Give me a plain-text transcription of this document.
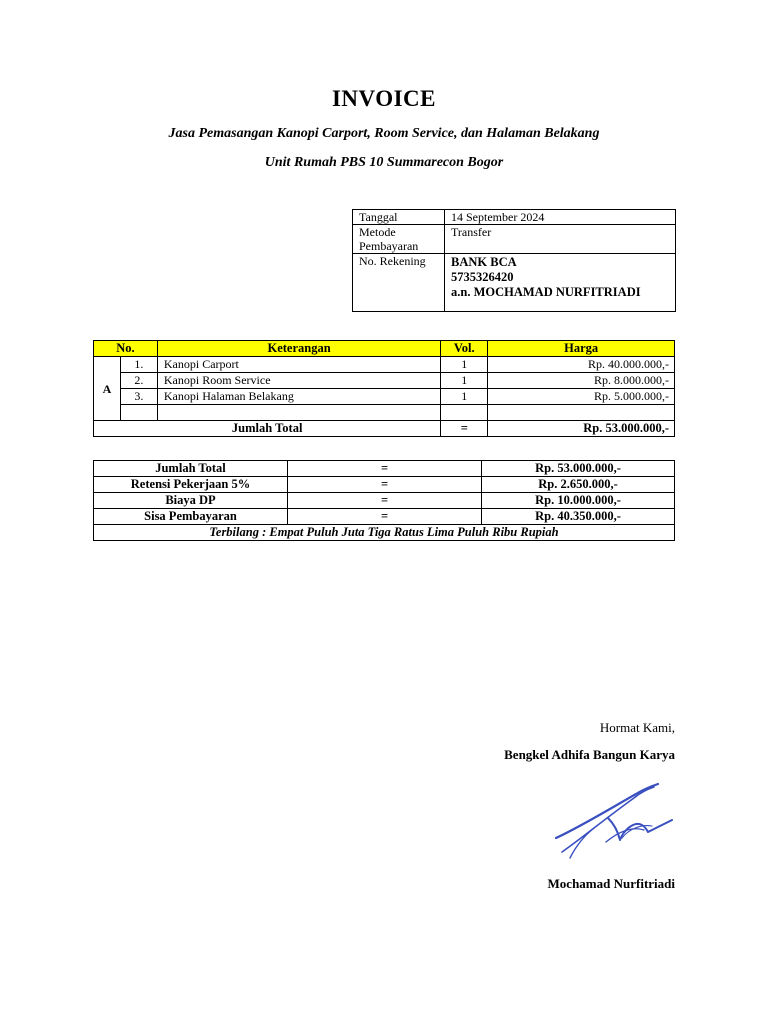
INVOICE
Jasa Pemasangan Kanopi Carport, Room Service, dan Halaman Belakang
Unit Rumah PBS 10 Summarecon Bogor
Tanggal	14 September 2024

Metode
Pembayaran	Transfer
No. Rekening	BANK BCA
5735326420
a.n. MOCHAMAD NURFITRIADI
No.		Keterangan	Vol.	Harga
A	1.	Kanopi Carport	1	Rp. 40.000.000,-
	2.	Kanopi Room Service	1	Rp. 8.000.000,-
	3.	Kanopi Halaman Belakang	1	Rp. 5.000.000,-

Jumlah Total			=	Rp. 53.000.000,-
Jumlah Total	=	Rp. 53.000.000,-
Retensi Pekerjaan 5%	=	Rp. 2.650.000,-
Biaya DP	=	Rp. 10.000.000,-
Sisa Pembayaran	=	Rp. 40.350.000,-
Terbilang : Empat Puluh Juta Tiga Ratus Lima Puluh Ribu Rupiah		
Hormat Kami,
Bengkel Adhifa Bangun Karya
Mochamad Nurfitriadi
